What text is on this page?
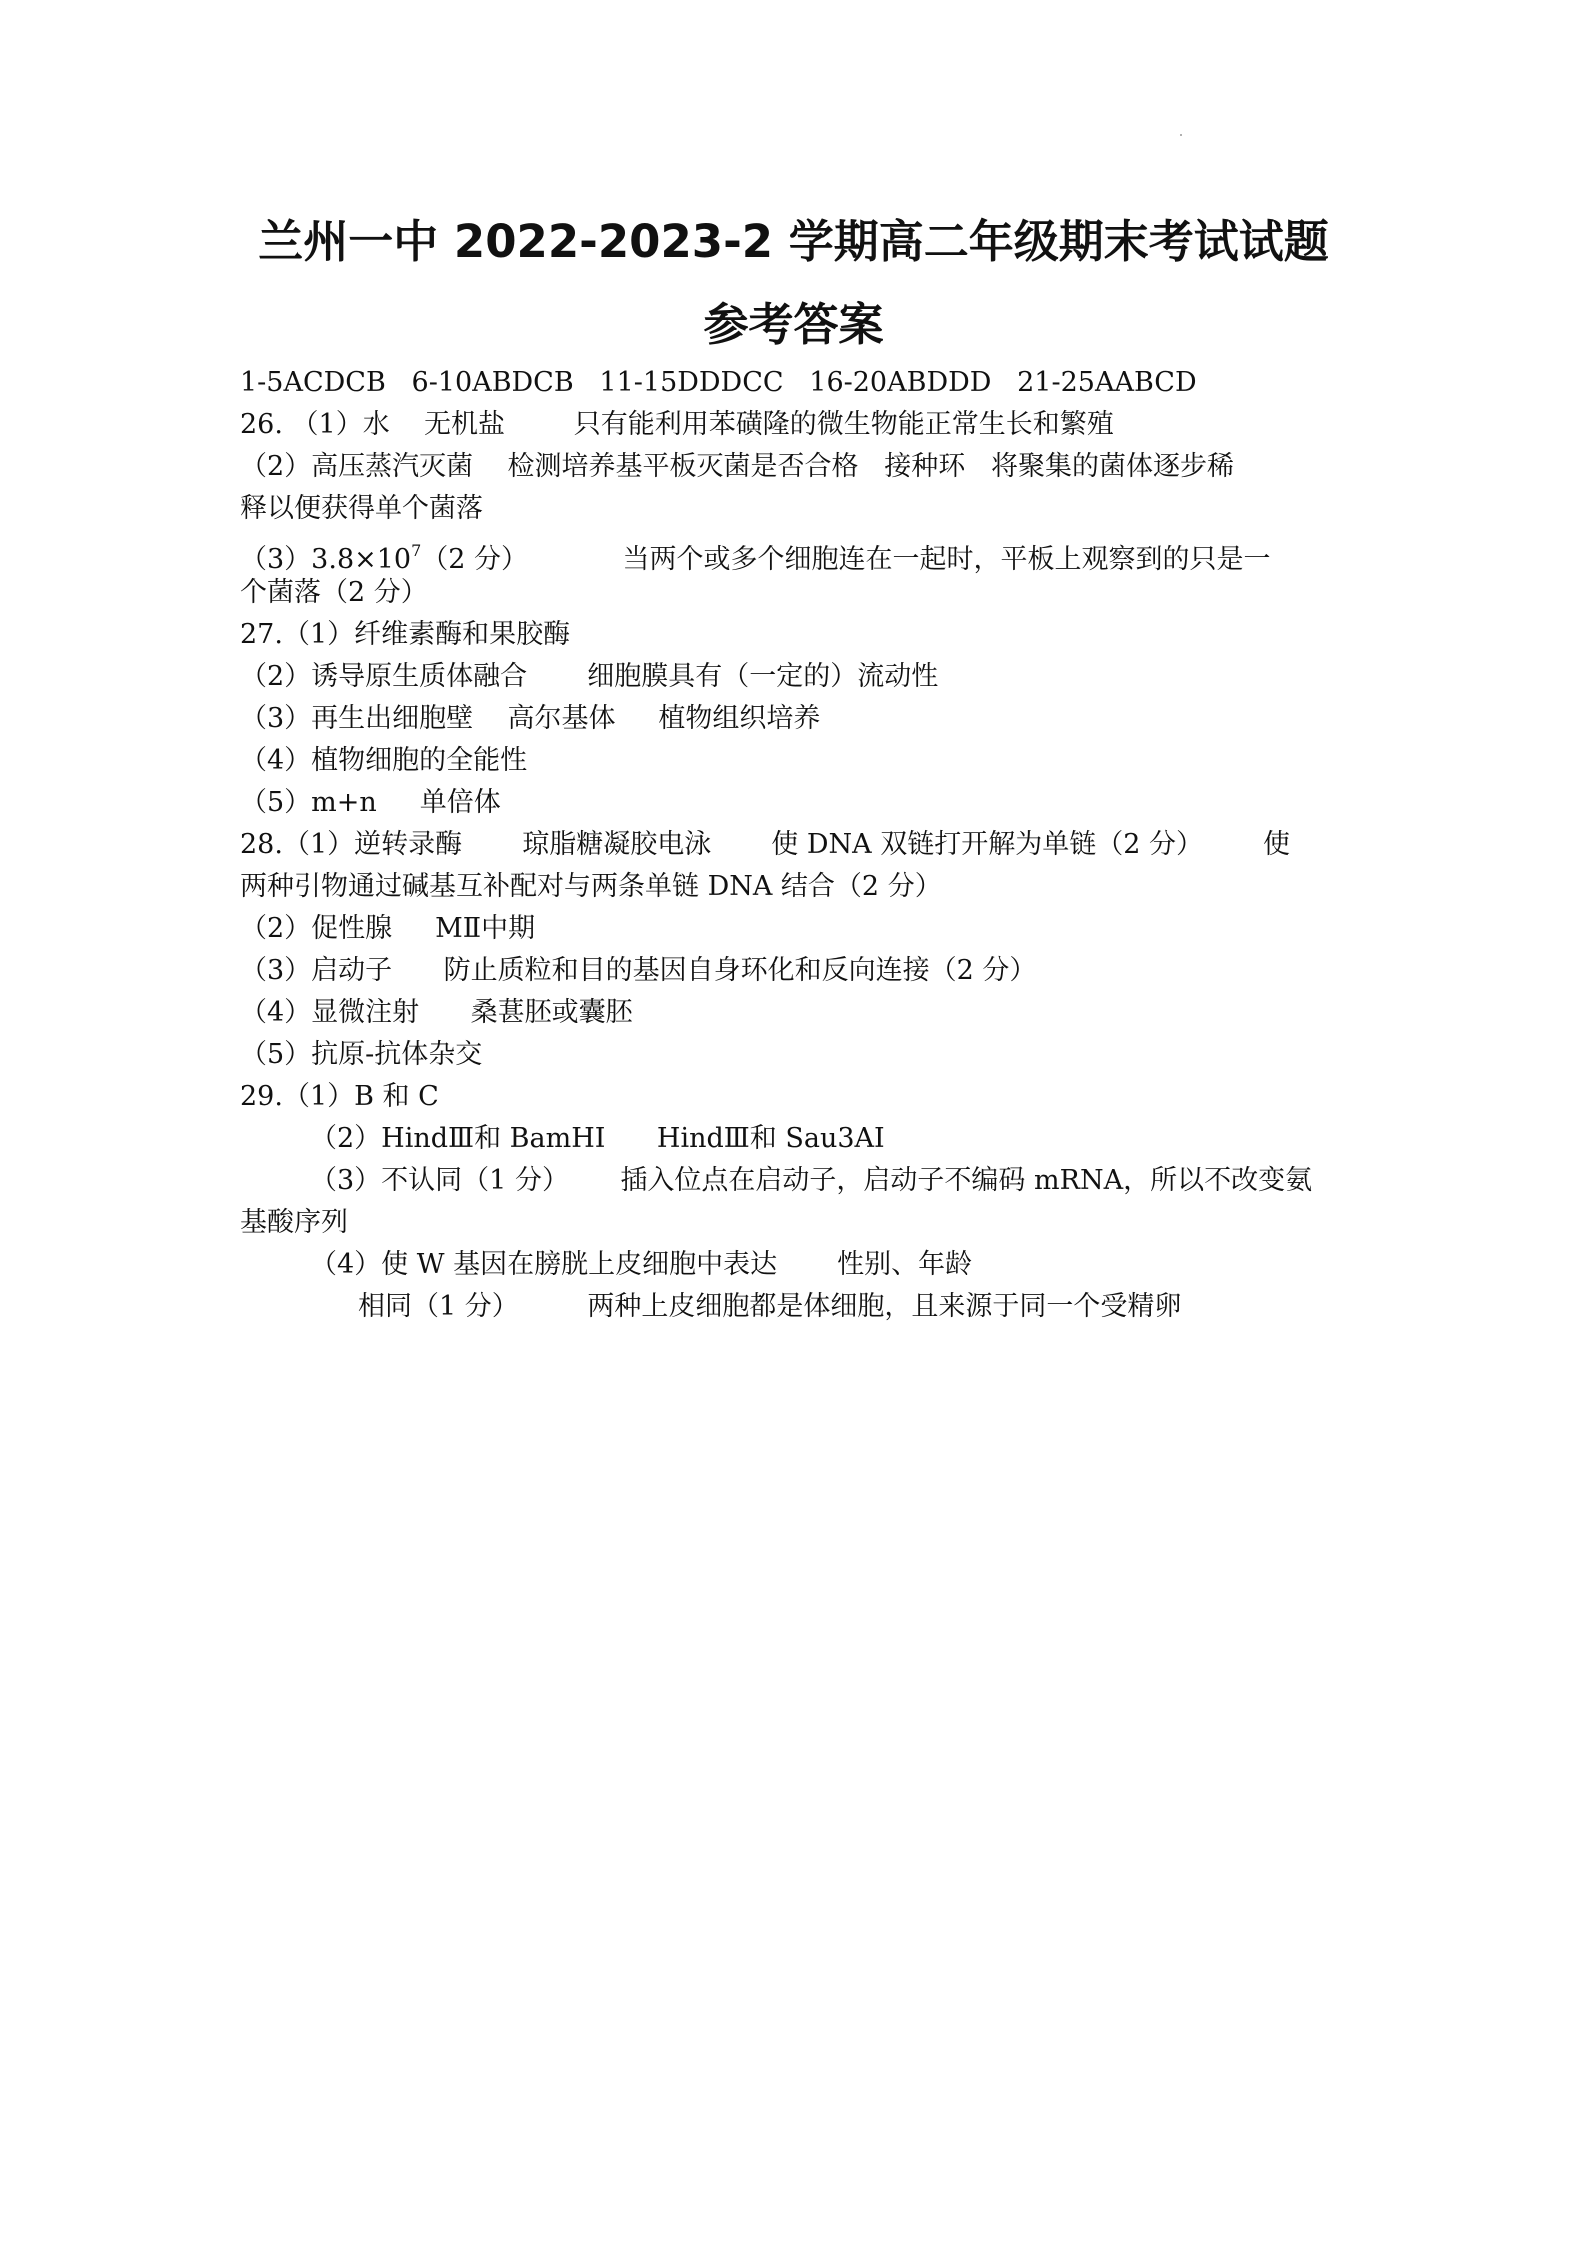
兰州一中 2022-2023-2 学期高二年级期末考试试题
参考答案
1-5ACDCB   6-10ABDCB   11-15DDDCC   16-20ABDDD   21-25AABCD
26. （1）水    无机盐        只有能利用苯磺隆的微生物能正常生长和繁殖
（2）高压蒸汽灭菌    检测培养基平板灭菌是否合格   接种环   将聚集的菌体逐步稀
释以便获得单个菌落
$(3)3.8\times 10^7(2$ 分）           当两个或多个细胞连在一起时，平板上观察到的只是一
个菌落（2 分）
27.（1）纤维素酶和果胶酶
（2）诱导原生质体融合       细胞膜具有（一定的）流动性
（3）再生出细胞壁    高尔基体     植物组织培养
（4）植物细胞的全能性
（5）m+n     单倍体
28.（1）逆转录酶       琼脂糖凝胶电泳       使 DNA 双链打开解为单链（2 分）       使
两种引物通过碱基互补配对与两条单链 DNA 结合（2 分）
（2）促性腺     MⅡ中期
（3）启动子      防止质粒和目的基因自身环化和反向连接（2 分）
（4）显微注射      桑葚胚或囊胚
（5）抗原-抗体杂交
29.（1）B 和 C
（2）HindⅢ和 BamHⅠ      HindⅢ和 Sau3AⅠ
（3）不认同（1 分）      插入位点在启动子，启动子不编码 mRNA，所以不改变氨
基酸序列
（4）使 W 基因在膀胱上皮细胞中表达       性别、年龄
相同（1 分）        两种上皮细胞都是体细胞，且来源于同一个受精卵
